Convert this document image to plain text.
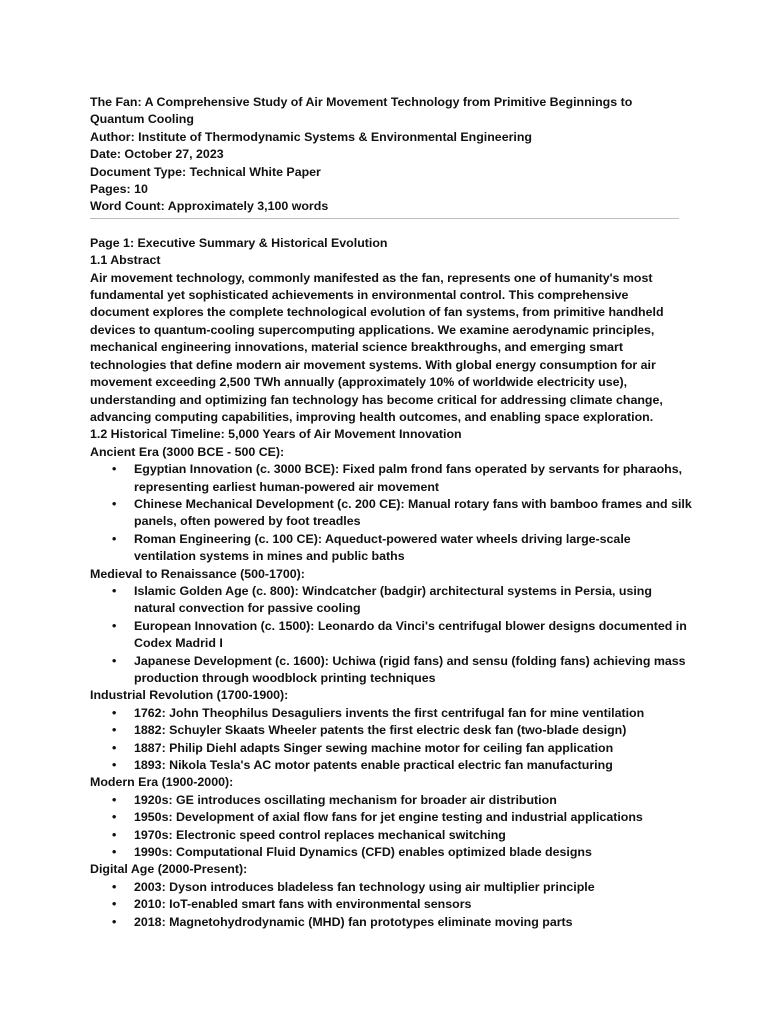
The Fan: A Comprehensive Study of Air Movement Technology from Primitive Beginnings to Quantum Cooling
Author: Institute of Thermodynamic Systems & Environmental Engineering
Date: October 27, 2023
Document Type: Technical White Paper
Pages: 10
Word Count: Approximately 3,100 words
Page 1: Executive Summary & Historical Evolution
1.1 Abstract
Air movement technology, commonly manifested as the fan, represents one of humanity's most fundamental yet sophisticated achievements in environmental control. This comprehensive document explores the complete technological evolution of fan systems, from primitive handheld devices to quantum-cooling supercomputing applications. We examine aerodynamic principles, mechanical engineering innovations, material science breakthroughs, and emerging smart technologies that define modern air movement systems. With global energy consumption for air movement exceeding 2,500 TWh annually (approximately 10% of worldwide electricity use), understanding and optimizing fan technology has become critical for addressing climate change, advancing computing capabilities, improving health outcomes, and enabling space exploration.
1.2 Historical Timeline: 5,000 Years of Air Movement Innovation
Ancient Era (3000 BCE - 500 CE):
• Egyptian Innovation (c. 3000 BCE): Fixed palm frond fans operated by servants for pharaohs, representing earliest human-powered air movement
• Chinese Mechanical Development (c. 200 CE): Manual rotary fans with bamboo frames and silk panels, often powered by foot treadles
• Roman Engineering (c. 100 CE): Aqueduct-powered water wheels driving large-scale ventilation systems in mines and public baths
Medieval to Renaissance (500-1700):
• Islamic Golden Age (c. 800): Windcatcher (badgir) architectural systems in Persia, using natural convection for passive cooling
• European Innovation (c. 1500): Leonardo da Vinci's centrifugal blower designs documented in Codex Madrid I
• Japanese Development (c. 1600): Uchiwa (rigid fans) and sensu (folding fans) achieving mass production through woodblock printing techniques
Industrial Revolution (1700-1900):
• 1762: John Theophilus Desaguliers invents the first centrifugal fan for mine ventilation
• 1882: Schuyler Skaats Wheeler patents the first electric desk fan (two-blade design)
• 1887: Philip Diehl adapts Singer sewing machine motor for ceiling fan application
• 1893: Nikola Tesla's AC motor patents enable practical electric fan manufacturing
Modern Era (1900-2000):
• 1920s: GE introduces oscillating mechanism for broader air distribution
• 1950s: Development of axial flow fans for jet engine testing and industrial applications
• 1970s: Electronic speed control replaces mechanical switching
• 1990s: Computational Fluid Dynamics (CFD) enables optimized blade designs
Digital Age (2000-Present):
• 2003: Dyson introduces bladeless fan technology using air multiplier principle
• 2010: IoT-enabled smart fans with environmental sensors
• 2018: Magnetohydrodynamic (MHD) fan prototypes eliminate moving parts
